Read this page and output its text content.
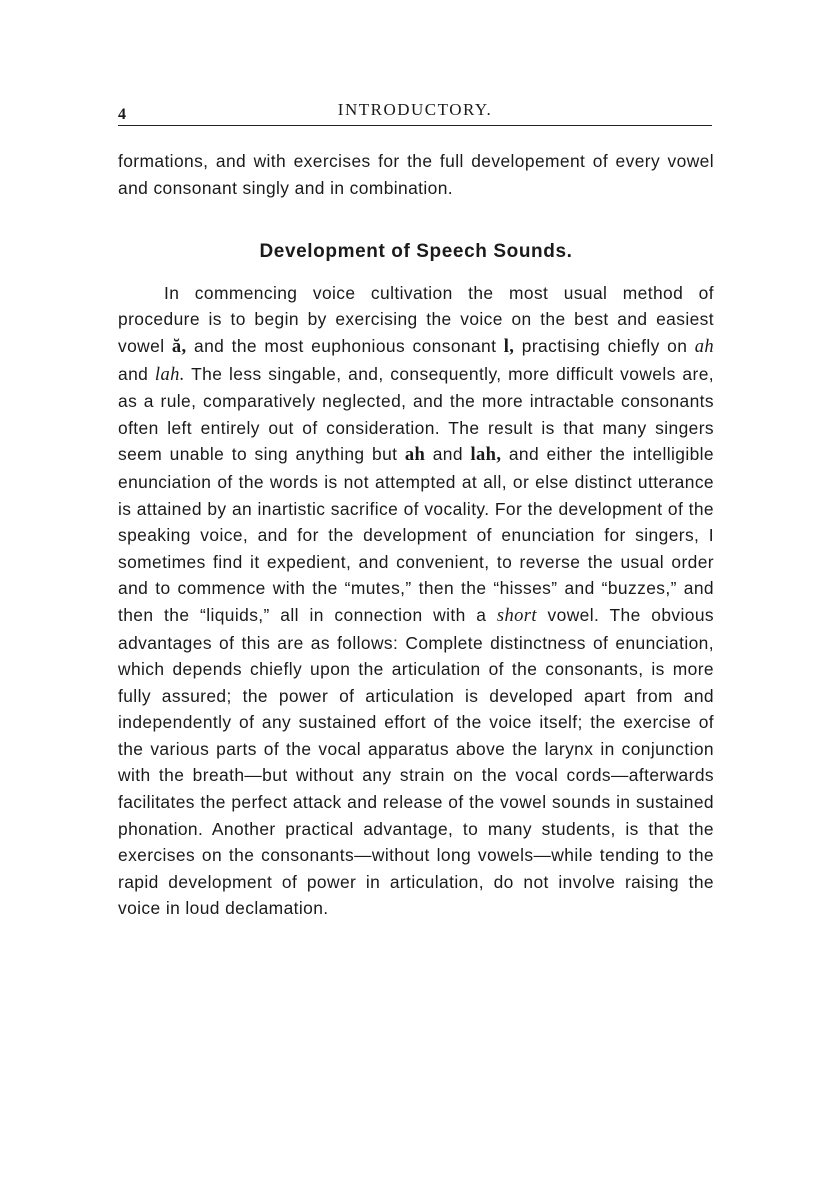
4	INTRODUCTORY.

formations, and with exercises for the full developement of every vowel and consonant singly and in combination.

Development of Speech Sounds.

In commencing voice cultivation the most usual method of procedure is to begin by exercising the voice on the best and easiest vowel ă, and the most euphonious consonant l, practising chiefly on ah and lah. The less singable, and, consequently, more difficult vowels are, as a rule, comparatively neglected, and the more intractable consonants often left entirely out of consideration. The result is that many singers seem unable to sing anything but ah and lah, and either the intelligible enunciation of the words is not attempted at all, or else distinct utterance is attained by an inartistic sacrifice of vocality. For the development of the speaking voice, and for the development of enunciation for singers, I sometimes find it expedient, and convenient, to reverse the usual order and to commence with the “mutes,” then the “hisses” and “buzzes,” and then the “liquids,” all in connection with a short vowel. The obvious advantages of this are as follows: Complete distinctness of enunciation, which depends chiefly upon the articulation of the consonants, is more fully assured; the power of articulation is developed apart from and independently of any sustained effort of the voice itself; the exercise of the various parts of the vocal apparatus above the larynx in conjunction with the breath—but without any strain on the vocal cords—afterwards facilitates the perfect attack and release of the vowel sounds in sustained phonation. Another practical advantage, to many students, is that the exercises on the consonants—without long vowels—while tending to the rapid development of power in articulation, do not involve raising the voice in loud declamation.
